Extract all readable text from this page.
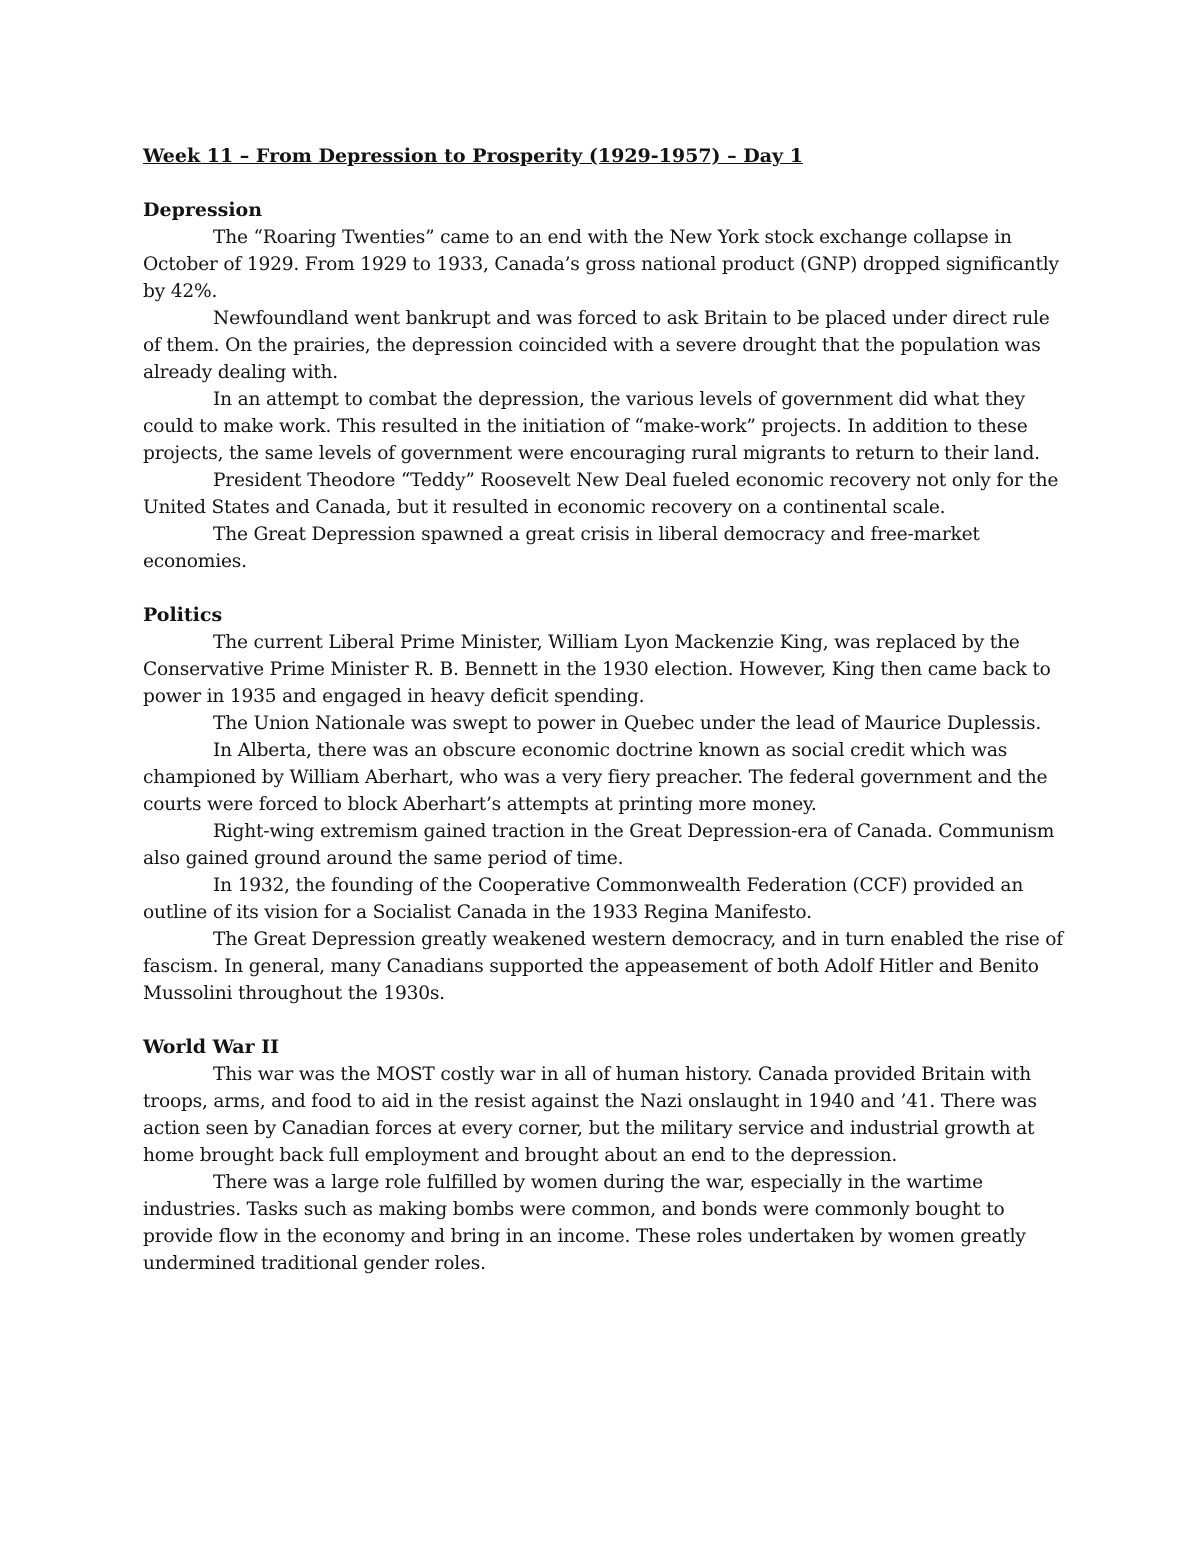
Week 11 – From Depression to Prosperity (1929-1957) – Day 1
Depression

The “Roaring Twenties” came to an end with the New York stock exchange collapse in October of 1929. From 1929 to 1933, Canada’s gross national product (GNP) dropped significantly by 42%.

Newfoundland went bankrupt and was forced to ask Britain to be placed under direct rule of them. On the prairies, the depression coincided with a severe drought that the population was already dealing with.

In an attempt to combat the depression, the various levels of government did what they could to make work. This resulted in the initiation of “make-work” projects. In addition to these projects, the same levels of government were encouraging rural migrants to return to their land.

President Theodore “Teddy” Roosevelt New Deal fueled economic recovery not only for the United States and Canada, but it resulted in economic recovery on a continental scale.

The Great Depression spawned a great crisis in liberal democracy and free-market economies.

Politics

The current Liberal Prime Minister, William Lyon Mackenzie King, was replaced by the Conservative Prime Minister R. B. Bennett in the 1930 election. However, King then came back to power in 1935 and engaged in heavy deficit spending.

The Union Nationale was swept to power in Quebec under the lead of Maurice Duplessis.

In Alberta, there was an obscure economic doctrine known as social credit which was championed by William Aberhart, who was a very fiery preacher. The federal government and the courts were forced to block Aberhart’s attempts at printing more money.

Right-wing extremism gained traction in the Great Depression-era of Canada. Communism also gained ground around the same period of time.

In 1932, the founding of the Cooperative Commonwealth Federation (CCF) provided an outline of its vision for a Socialist Canada in the 1933 Regina Manifesto.

The Great Depression greatly weakened western democracy, and in turn enabled the rise of fascism. In general, many Canadians supported the appeasement of both Adolf Hitler and Benito Mussolini throughout the 1930s.

World War II

This war was the MOST costly war in all of human history. Canada provided Britain with troops, arms, and food to aid in the resist against the Nazi onslaught in 1940 and ’41. There was action seen by Canadian forces at every corner, but the military service and industrial growth at home brought back full employment and brought about an end to the depression.

There was a large role fulfilled by women during the war, especially in the wartime industries. Tasks such as making bombs were common, and bonds were commonly bought to provide flow in the economy and bring in an income. These roles undertaken by women greatly undermined traditional gender roles.
